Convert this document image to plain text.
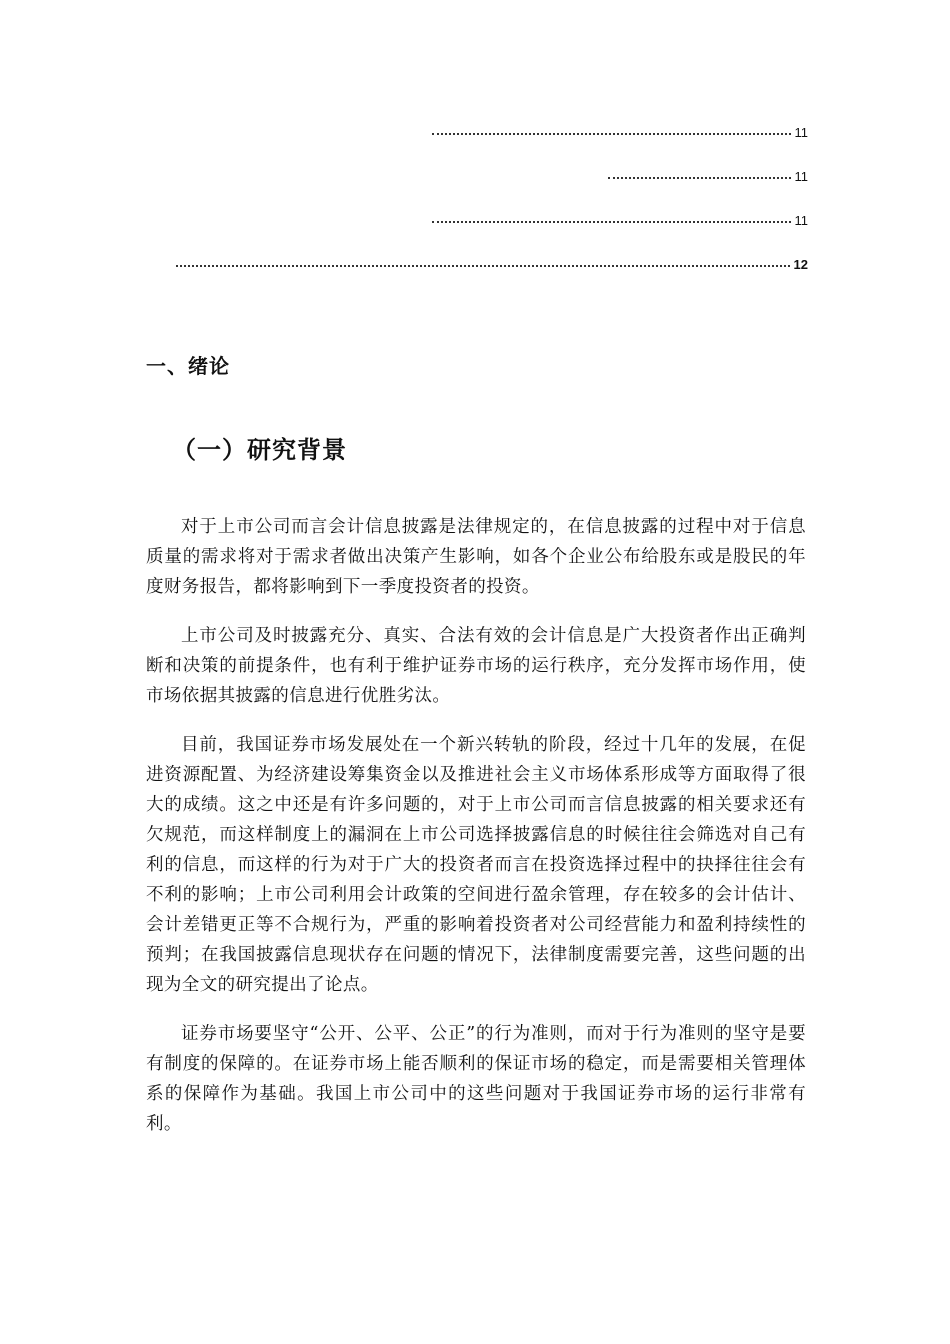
11
11
11
12
一、绪论
（一）研究背景

对于上市公司而言会计信息披露是法律规定的，在信息披露的过程中对于信息质量的需求将对于需求者做出决策产生影响，如各个企业公布给股东或是股民的年度财务报告，都将影响到下一季度投资者的投资。

上市公司及时披露充分、真实、合法有效的会计信息是广大投资者作出正确判断和决策的前提条件，也有利于维护证券市场的运行秩序，充分发挥市场作用，使市场依据其披露的信息进行优胜劣汰。

目前，我国证券市场发展处在一个新兴转轨的阶段，经过十几年的发展，在促进资源配置、为经济建设筹集资金以及推进社会主义市场体系形成等方面取得了很大的成绩。这之中还是有许多问题的，对于上市公司而言信息披露的相关要求还有欠规范，而这样制度上的漏洞在上市公司选择披露信息的时候往往会筛选对自己有利的信息，而这样的行为对于广大的投资者而言在投资选择过程中的抉择往往会有不利的影响；上市公司利用会计政策的空间进行盈余管理，存在较多的会计估计、会计差错更正等不合规行为，严重的影响着投资者对公司经营能力和盈利持续性的预判；在我国披露信息现状存在问题的情况下，法律制度需要完善，这些问题的出现为全文的研究提出了论点。

证券市场要坚守“公开、公平、公正”的行为准则，而对于行为准则的坚守是要有制度的保障的。在证券市场上能否顺利的保证市场的稳定，而是需要相关管理体系的保障作为基础。我国上市公司中的这些问题对于我国证券市场的运行非常有利。
